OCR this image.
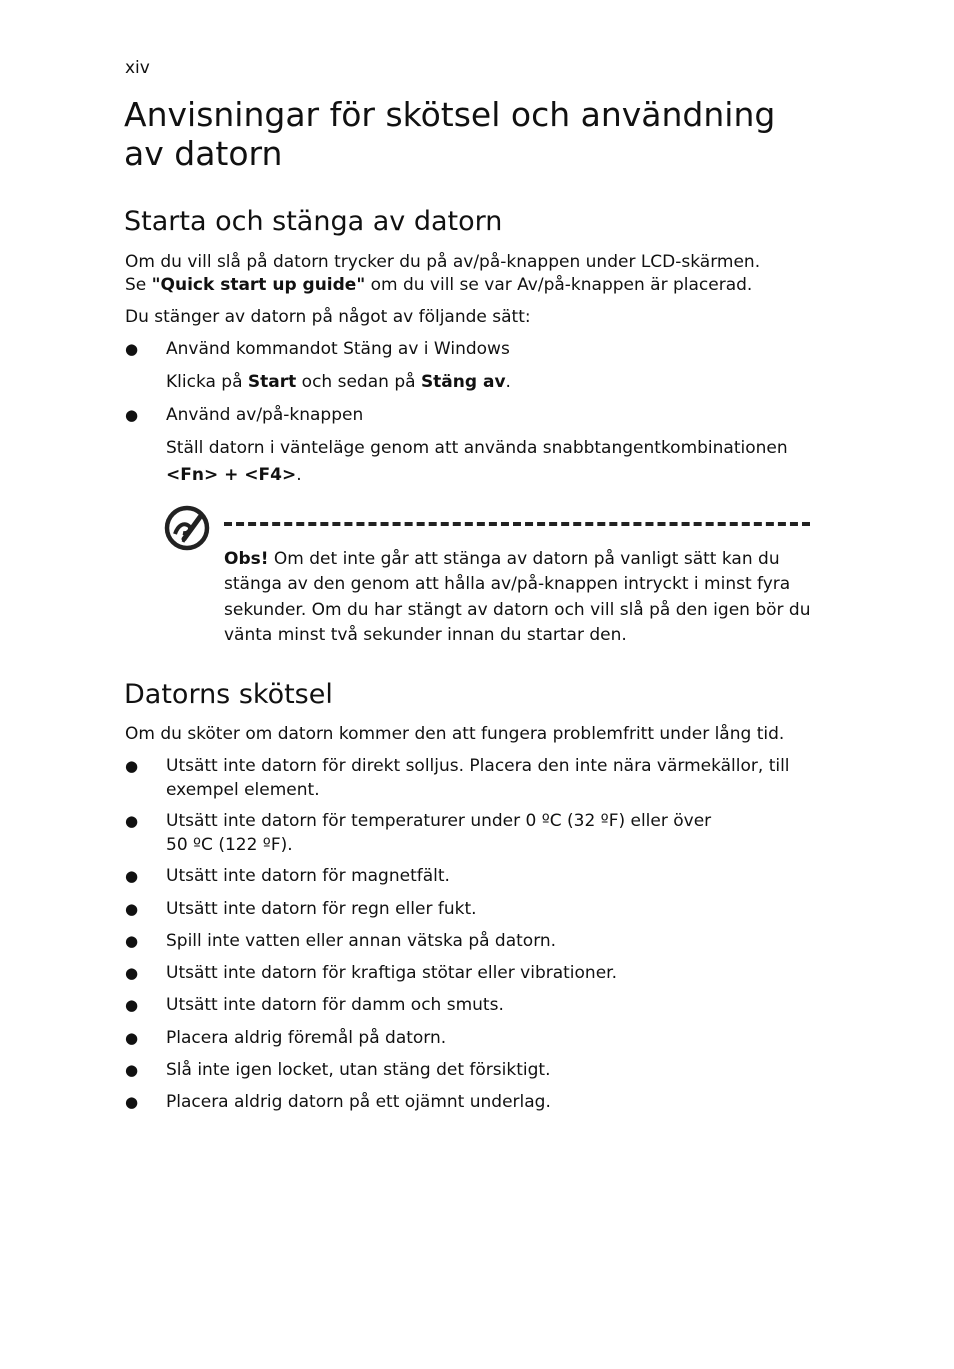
xiv
Anvisningar för skötsel och användning av datorn
Starta och stänga av datorn
Om du vill slå på datorn trycker du på av/på-knappen under LCD-skärmen.
Se "Quick start up guide" om du vill se var Av/på-knappen är placerad.
Du stänger av datorn på något av följande sätt:
● Använd kommandot Stäng av i Windows
Klicka på Start och sedan på Stäng av.
● Använd av/på-knappen
Ställ datorn i vänteläge genom att använda snabbtangentkombinationen
<Fn> + <F4>.
Obs! Om det inte går att stänga av datorn på vanligt sätt kan du stänga av den genom att hålla av/på-knappen intryckt i minst fyra sekunder. Om du har stängt av datorn och vill slå på den igen bör du vänta minst två sekunder innan du startar den.
Datorns skötsel
Om du sköter om datorn kommer den att fungera problemfritt under lång tid.
● Utsätt inte datorn för direkt solljus. Placera den inte nära värmekällor, till
exempel element.
● Utsätt inte datorn för temperaturer under 0 ºC (32 ºF) eller över
50 ºC (122 ºF).
● Utsätt inte datorn för magnetfält.
● Utsätt inte datorn för regn eller fukt.
● Spill inte vatten eller annan vätska på datorn.
● Utsätt inte datorn för kraftiga stötar eller vibrationer.
● Utsätt inte datorn för damm och smuts.
● Placera aldrig föremål på datorn.
● Slå inte igen locket, utan stäng det försiktigt.
● Placera aldrig datorn på ett ojämnt underlag.
